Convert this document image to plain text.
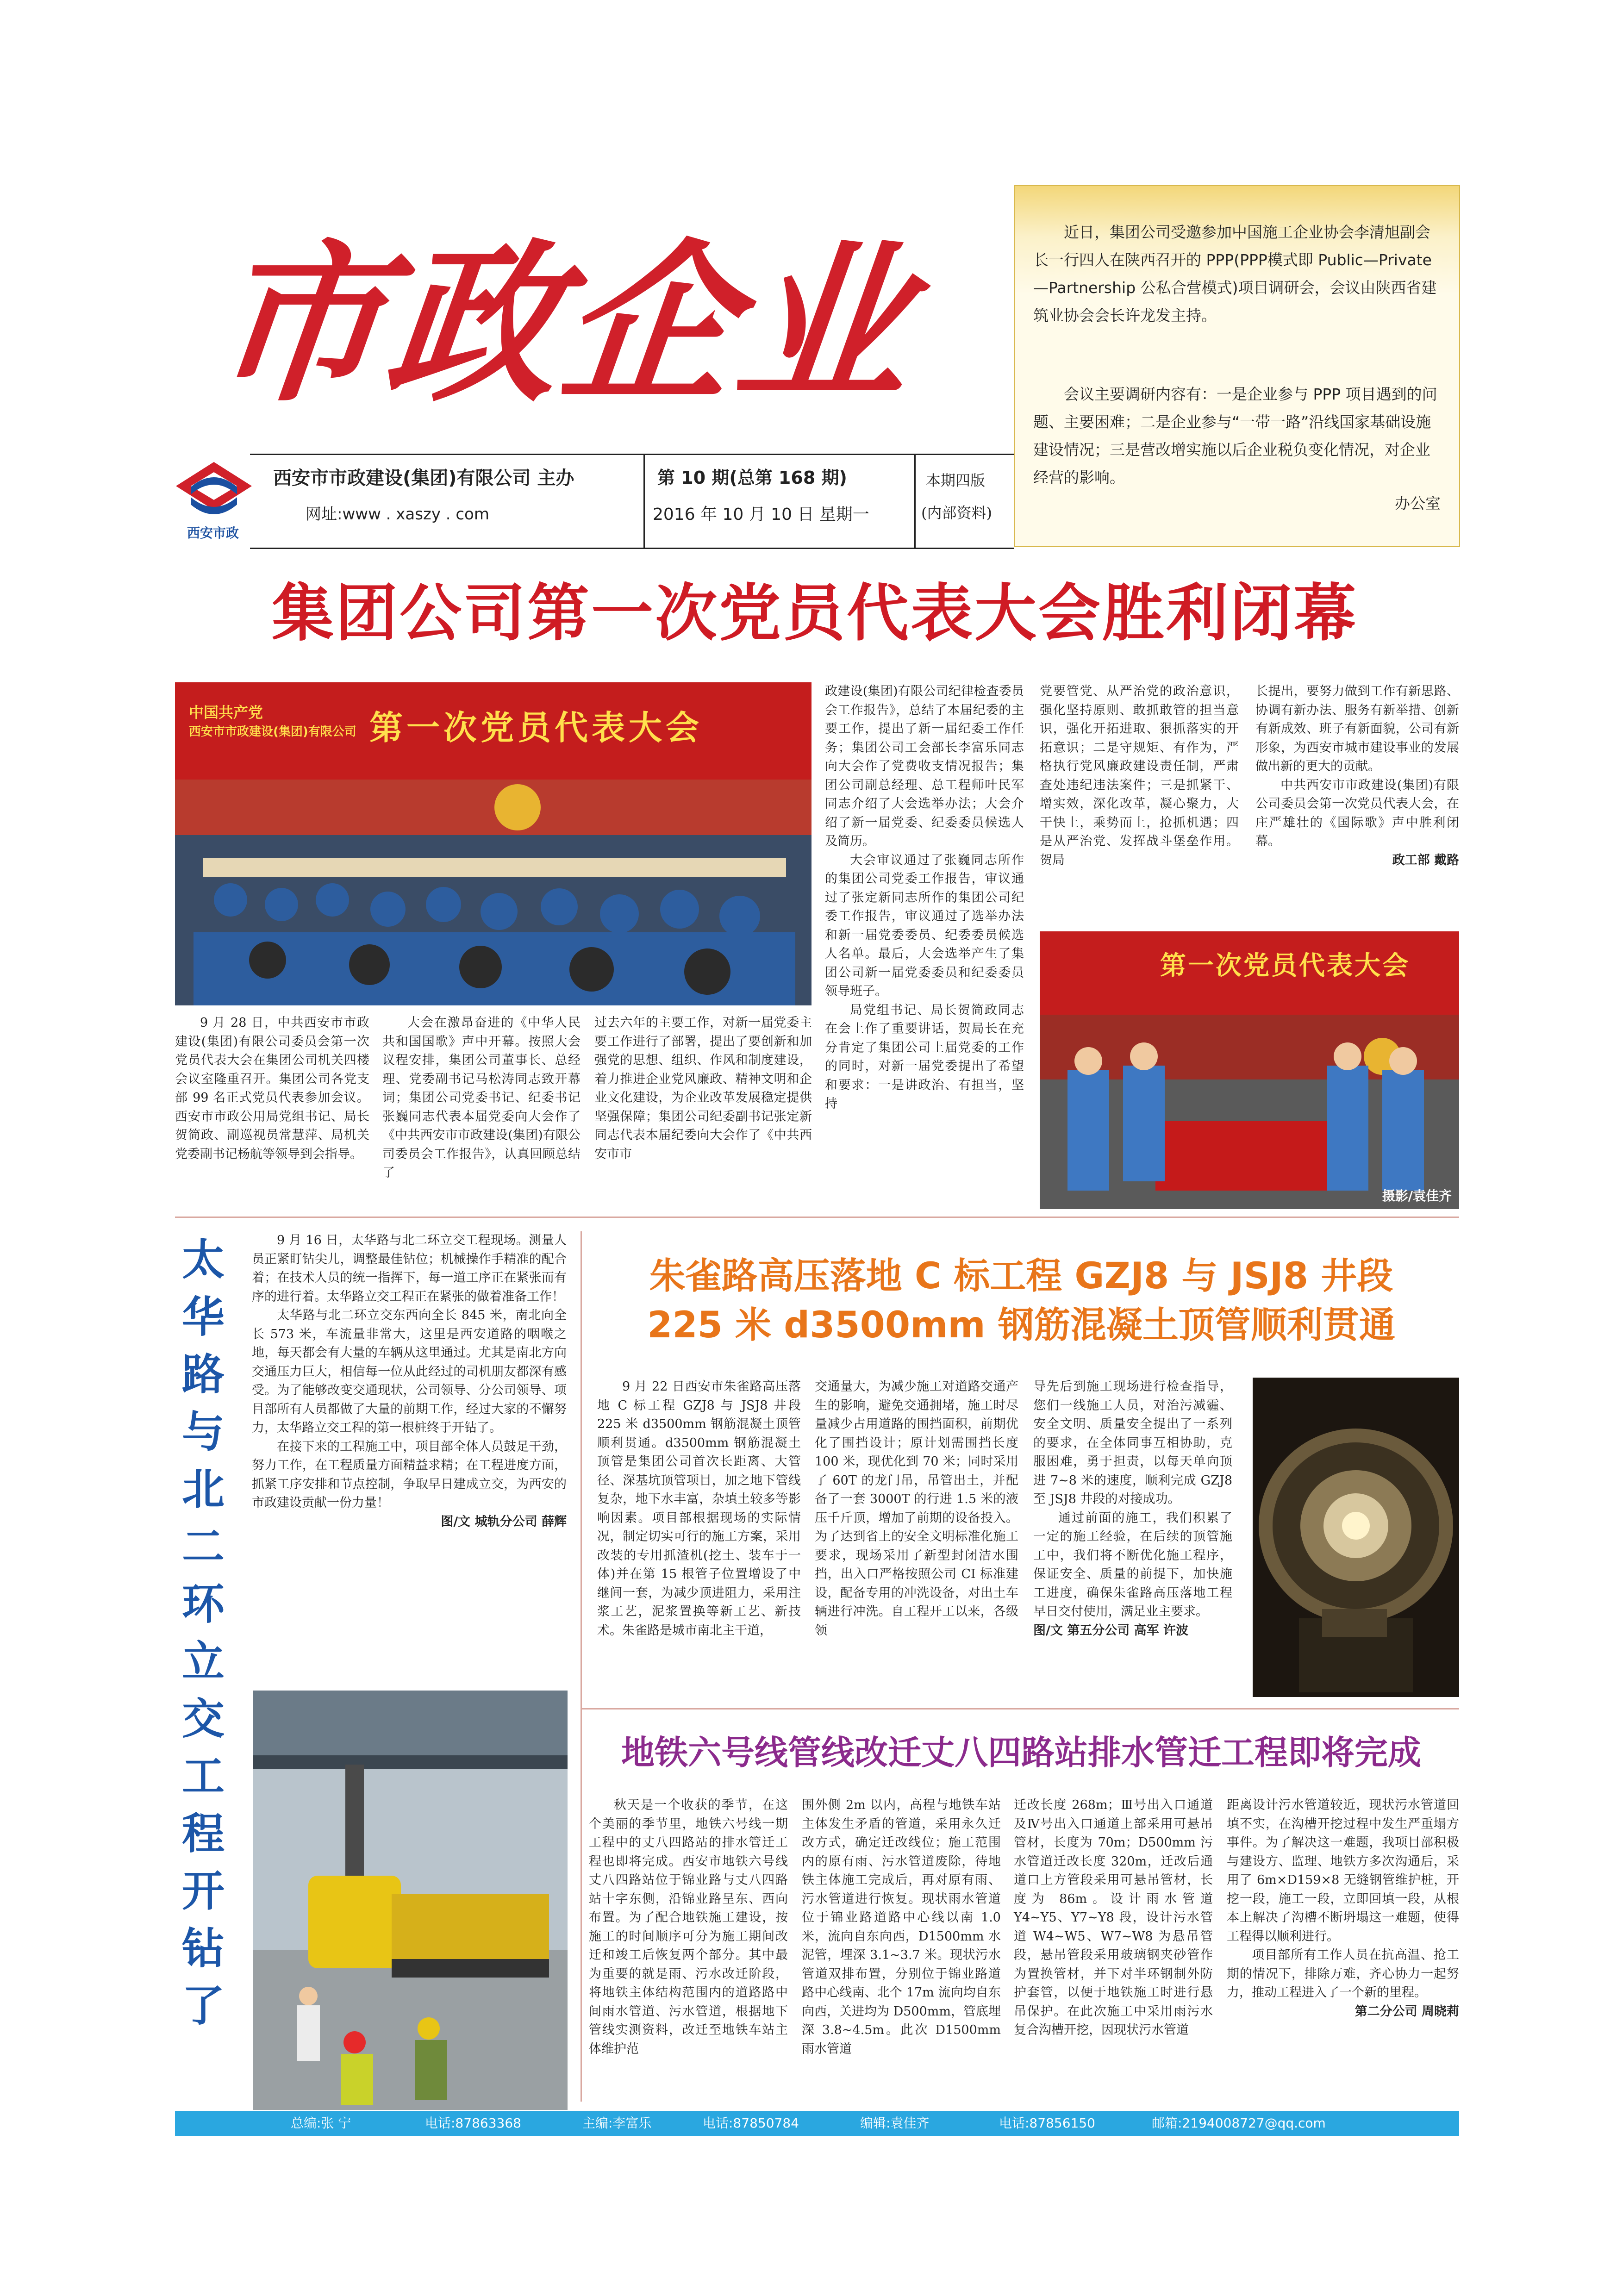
市政企业
西安市政
西安市市政建设(集团)有限公司 主办
网址:www . xaszy . com
第 10 期(总第 168 期)
2016 年 10 月 10 日 星期一
本期四版
(内部资料)
近日，集团公司受邀参加中国施工企业协会李清旭副会长一行四人在陕西召开的 PPP(PPP模式即 Public—Private—Partnership 公私合营模式)项目调研会，会议由陕西省建筑业协会会长许龙发主持。
会议主要调研内容有：一是企业参与 PPP 项目遇到的问题、主要困难；二是企业参与“一带一路”沿线国家基础设施建设情况；三是营改增实施以后企业税负变化情况，对企业经营的影响。
办公室
集团公司第一次党员代表大会胜利闭幕
中国共产党
西安市市政建设(集团)有限公司 第一次党员代表大会

9 月 28 日，中共西安市市政建设(集团)有限公司委员会第一次党员代表大会在集团公司机关四楼会议室隆重召开。集团公司各党支部 99 名正式党员代表参加会议。西安市市政公用局党组书记、局长贺简政、副巡视员常慧萍、局机关党委副书记杨航等领导到会指导。

大会在激昂奋进的《中华人民共和国国歌》声中开幕。按照大会议程安排，集团公司董事长、总经理、党委副书记马松涛同志致开幕词；集团公司党委书记、纪委书记张巍同志代表本届党委向大会作了《中共西安市市政建设(集团)有限公司委员会工作报告》，认真回顾总结了

过去六年的主要工作，对新一届党委主要工作进行了部署，提出了要创新和加强党的思想、组织、作风和制度建设，着力推进企业党风廉政、精神文明和企业文化建设，为企业改革发展稳定提供坚强保障；集团公司纪委副书记张定新同志代表本届纪委向大会作了《中共西安市市

政建设(集团)有限公司纪律检查委员会工作报告》，总结了本届纪委的主要工作，提出了新一届纪委工作任务；集团公司工会部长李富乐同志向大会作了党费收支情况报告；集团公司副总经理、总工程师叶民军同志介绍了大会选举办法；大会介绍了新一届党委、纪委委员候选人及简历。

大会审议通过了张巍同志所作的集团公司党委工作报告，审议通过了张定新同志所作的集团公司纪委工作报告，审议通过了选举办法和新一届党委委员、纪委委员候选人名单。最后，大会选举产生了集团公司新一届党委委员和纪委委员领导班子。

局党组书记、局长贺简政同志在会上作了重要讲话，贺局长在充分肯定了集团公司上届党委的工作的同时，对新一届党委提出了希望和要求：一是讲政治、有担当，坚持

党要管党、从严治党的政治意识，强化坚持原则、敢抓敢管的担当意识，强化开拓进取、狠抓落实的开拓意识；二是守规矩、有作为，严格执行党风廉政建设责任制，严肃查处违纪违法案件；三是抓紧干、增实效，深化改革，凝心聚力，大干快上，乘势而上，抢抓机遇；四是从严治党、发挥战斗堡垒作用。贺局

长提出，要努力做到工作有新思路、协调有新办法、服务有新举措、创新有新成效、班子有新面貌，公司有新形象，为西安市城市建设事业的发展做出新的更大的贡献。

中共西安市市政建设(集团)有限公司委员会第一次党员代表大会，在庄严雄壮的《国际歌》声中胜利闭幕。

政工部 戴路
第一次党员代表大会
摄影/袁佳齐
太
华
路
与
北
二
环
立
交
工
程
开
钻
了

9 月 16 日，太华路与北二环立交工程现场。测量人员正紧盯钻尖儿，调整最佳钻位；机械操作手精准的配合着；在技术人员的统一指挥下，每一道工序正在紧张而有序的进行着。太华路立交工程正在紧张的做着准备工作！

太华路与北二环立交东西向全长 845 米，南北向全长 573 米，车流量非常大，这里是西安道路的咽喉之地，每天都会有大量的车辆从这里通过。尤其是南北方向交通压力巨大，相信每一位从此经过的司机朋友都深有感受。为了能够改变交通现状，公司领导、分公司领导、项目部所有人员都做了大量的前期工作，经过大家的不懈努力，太华路立交工程的第一根桩终于开钻了。

在接下来的工程施工中，项目部全体人员鼓足干劲，努力工作，在工程质量方面精益求精；在工程进度方面，抓紧工序安排和节点控制，争取早日建成立交，为西安的市政建设贡献一份力量！

图/文 城轨分公司 薛辉
朱雀路高压落地 C 标工程 GZJ8 与 JSJ8 井段
225 米 d3500mm 钢筋混凝土顶管顺利贯通

9 月 22 日西安市朱雀路高压落地 C 标工程 GZJ8 与 JSJ8 井段 225 米 d3500mm 钢筋混凝土顶管顺利贯通。d3500mm 钢筋混凝土顶管是集团公司首次长距离、大管径、深基坑顶管项目，加之地下管线复杂，地下水丰富，杂填土较多等影响因素。项目部根据现场的实际情况，制定切实可行的施工方案，采用改装的专用抓渣机(挖土、装车于一体)并在第 15 根管子位置增设了中继间一套，为减少顶进阻力，采用注浆工艺，泥浆置换等新工艺、新技术。朱雀路是城市南北主干道，

交通量大，为减少施工对道路交通产生的影响，避免交通拥堵，施工时尽量减少占用道路的围挡面积，前期优化了围挡设计；原计划需围挡长度 100 米，现优化到 70 米；同时采用了 60T 的龙门吊，吊管出土，并配备了一套 3000T 的行进 1.5 米的液压千斤顶，增加了前期的设备投入。为了达到省上的安全文明标准化施工要求，现场采用了新型封闭洁水围挡，出入口严格按照公司 CI 标准建设，配备专用的冲洗设备，对出土车辆进行冲洗。自工程开工以来，各级领

导先后到施工现场进行检查指导，您们一线施工人员，对治污减霾、安全文明、质量安全提出了一系列的要求，在全体同事互相协助，克服困难，勇于担责，以每天单向顶进 7~8 米的速度，顺利完成 GZJ8 至 JSJ8 井段的对接成功。

通过前面的施工，我们积累了一定的施工经验，在后续的顶管施工中，我们将不断优化施工程序，保证安全、质量的前提下，加快施工进度，确保朱雀路高压落地工程早日交付使用，满足业主要求。

图/文 第五分公司 高军 许波
地铁六号线管线改迁丈八四路站排水管迁工程即将完成

秋天是一个收获的季节，在这个美丽的季节里，地铁六号线一期工程中的丈八四路站的排水管迁工程也即将完成。西安市地铁六号线丈八四路站位于锦业路与丈八四路站十字东侧，沿锦业路呈东、西向布置。为了配合地铁施工建设，按施工的时间顺序可分为施工期间改迁和竣工后恢复两个部分。其中最为重要的就是雨、污水改迁阶段，将地铁主体结构范围内的道路路中间雨水管道、污水管道，根据地下管线实测资料，改迁至地铁车站主体维护范

围外侧 2m 以内，高程与地铁车站主体发生矛盾的管道，采用永久迁改方式，确定迁改线位；施工范围内的原有雨、污水管道废除，待地铁主体施工完成后，再对原有雨、污水管道进行恢复。现状雨水管道位于锦业路道路中心线以南 1.0 米，流向自东向西，D1500mm 水泥管，埋深 3.1~3.7 米。现状污水管道双排布置，分别位于锦业路道路中心线南、北个 17m 流向均自东向西，关进均为 D500mm，管底埋深 3.8~4.5m。此次 D1500mm 雨水管道

迁改长度 268m；Ⅲ号出入口通道及Ⅳ号出入口通道上部采用可悬吊管材，长度为 70m；D500mm 污水管道迁改长度 320m，迁改后通道口上方管段采用可悬吊管材，长度为 86m。设计雨水管道 Y4~Y5、Y7~Y8 段，设计污水管道 W4~W5、W7~W8 为悬吊管段，悬吊管段采用玻璃钢夹砂管作为置换管材，并下对半环钢制外防护套管，以便于地铁施工时进行悬吊保护。在此次施工中采用雨污水复合沟槽开挖，因现状污水管道

距离设计污水管道较近，现状污水管道回填不实，在沟槽开挖过程中发生严重塌方事件。为了解决这一难题，我项目部积极与建设方、监理、地铁方多次沟通后，采用了 6m×D159×8 无缝钢管维护桩，开挖一段，施工一段，立即回填一段，从根本上解决了沟槽不断坍塌这一难题，使得工程得以顺利进行。

项目部所有工作人员在抗高温、抢工期的情况下，排除万难，齐心协力一起努力，推动工程进入了一个新的里程。

第二分公司 周晓莉
总编:张 宁	电话:87863368	主编:李富乐	电话:87850784	编辑:袁佳齐	电话:87856150	邮箱:2194008727@qq.com
